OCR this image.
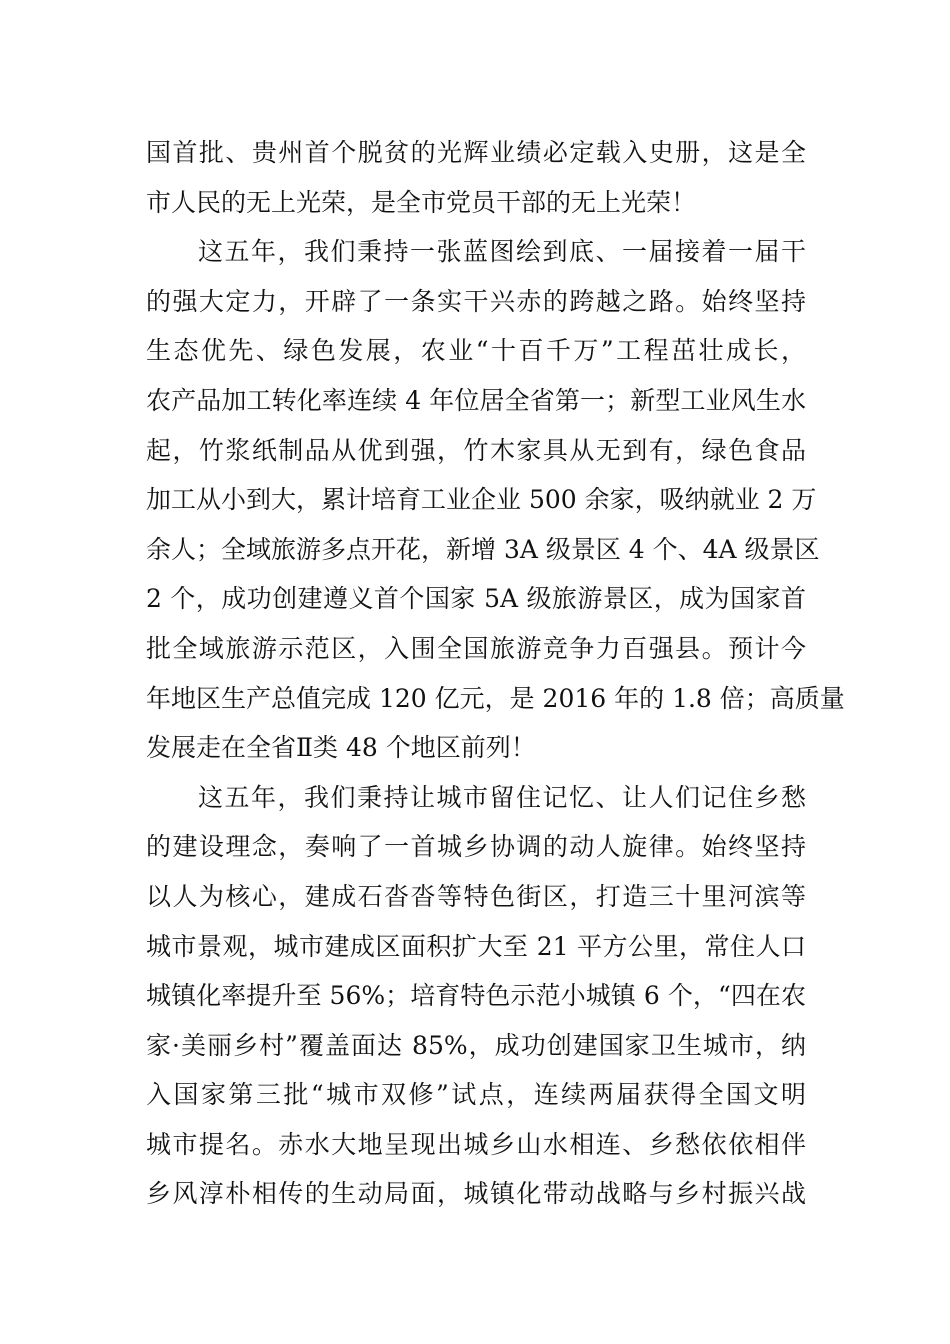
国首批、贵州首个脱贫的光辉业绩必定载入史册，这是全
市人民的无上光荣，是全市党员干部的无上光荣！
这五年，我们秉持一张蓝图绘到底、一届接着一届干
的强大定力，开辟了一条实干兴赤的跨越之路。始终坚持
生态优先、绿色发展，农业“十百千万”工程茁壮成长，
农产品加工转化率连续 4 年位居全省第一；新型工业风生水
起，竹浆纸制品从优到强，竹木家具从无到有，绿色食品
加工从小到大，累计培育工业企业 500 余家，吸纳就业 2 万
余人；全域旅游多点开花，新增 3A 级景区 4 个、4A 级景区
2 个，成功创建遵义首个国家 5A 级旅游景区，成为国家首
批全域旅游示范区，入围全国旅游竞争力百强县。预计今
年地区生产总值完成 120 亿元，是 2016 年的 1.8 倍；高质量
发展走在全省Ⅱ类 48 个地区前列！
这五年，我们秉持让城市留住记忆、让人们记住乡愁
的建设理念，奏响了一首城乡协调的动人旋律。始终坚持
以人为核心，建成石沓沓等特色街区，打造三十里河滨等
城市景观，城市建成区面积扩大至 21 平方公里，常住人口
城镇化率提升至 56%；培育特色示范小城镇 6 个，“四在农
家·美丽乡村”覆盖面达 85%，成功创建国家卫生城市，纳
入国家第三批“城市双修”试点，连续两届获得全国文明
城市提名。赤水大地呈现出城乡山水相连、乡愁依依相伴
乡风淳朴相传的生动局面，城镇化带动战略与乡村振兴战
